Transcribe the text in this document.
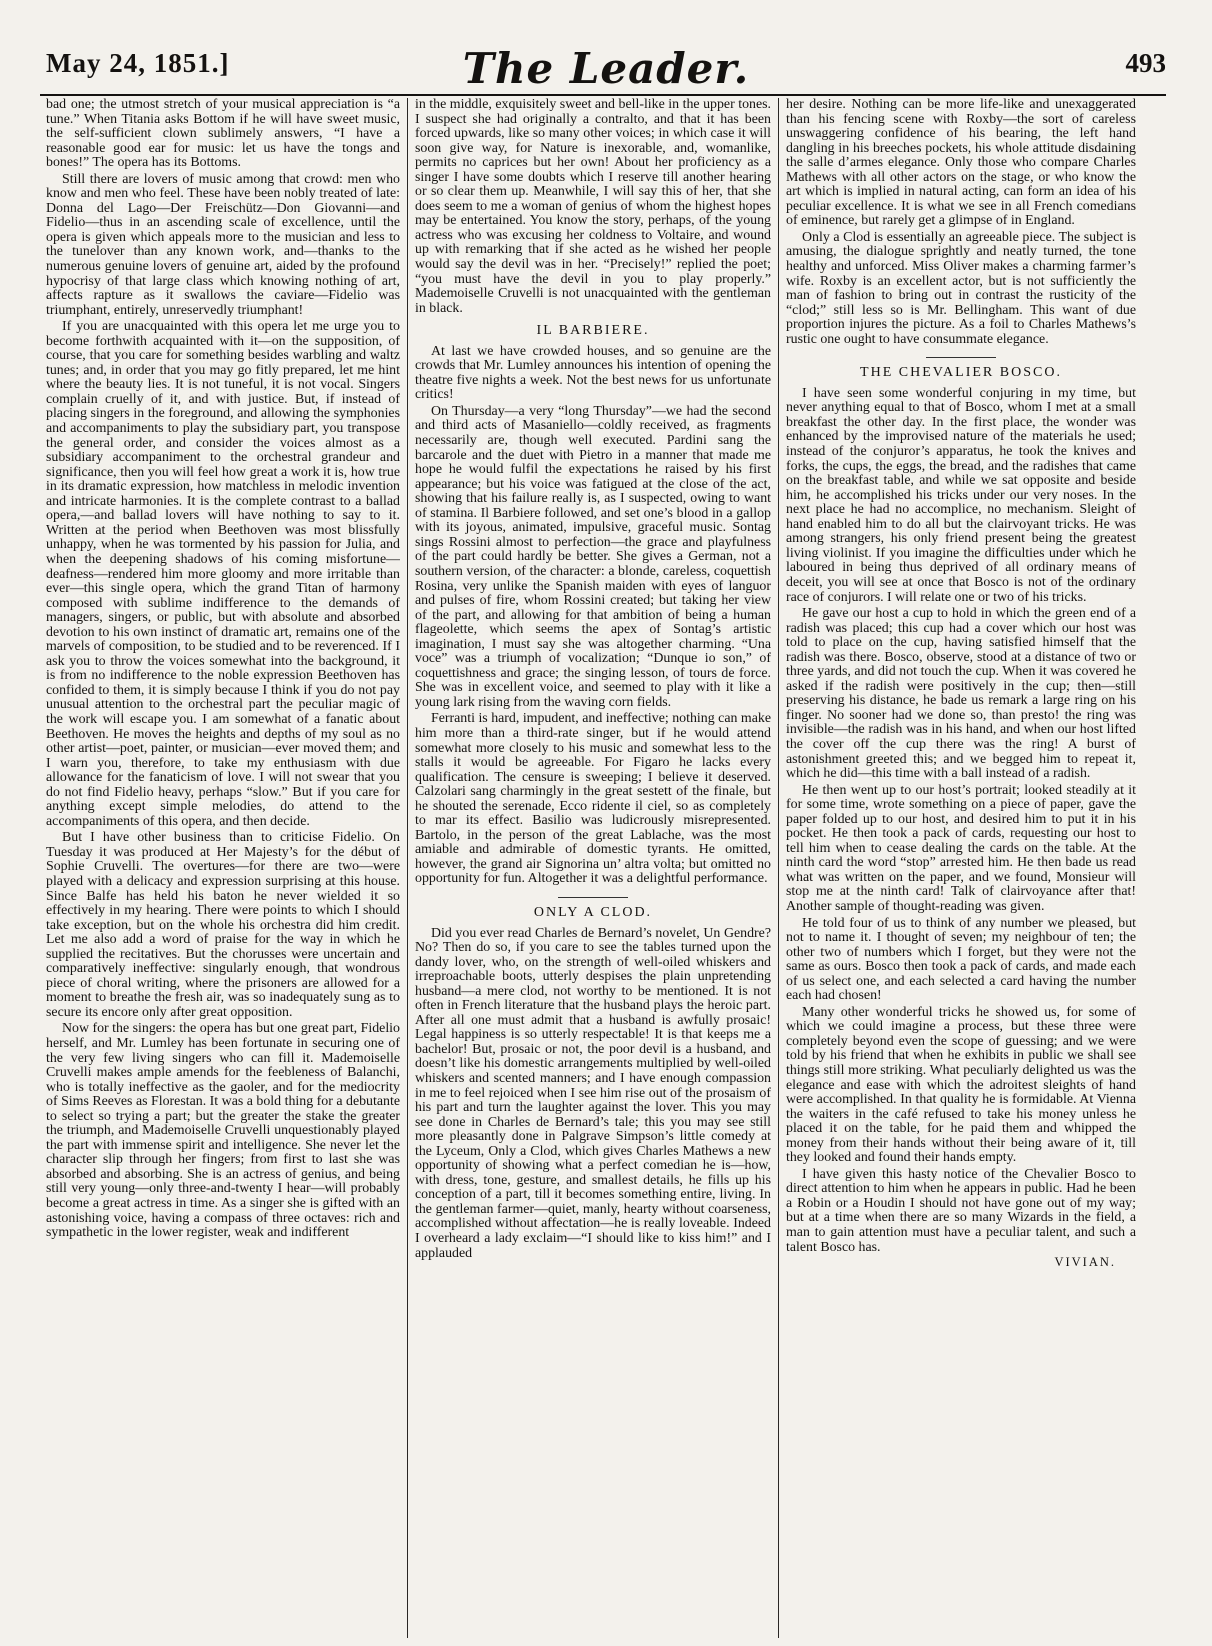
May 24, 1851.]	The Leader.	493

bad one; the utmost stretch of your musical appreciation is “a tune.” When Titania asks Bottom if he will have sweet music, the self-sufficient clown sublimely answers, “I have a reasonable good ear for music: let us have the tongs and bones!” The opera has its Bottoms.

Still there are lovers of music among that crowd: men who know and men who feel. These have been nobly treated of late: Donna del Lago—Der Freischütz—Don Giovanni—and Fidelio—thus in an ascending scale of excellence, until the opera is given which appeals more to the musician and less to the tunelover than any known work, and—thanks to the numerous genuine lovers of genuine art, aided by the profound hypocrisy of that large class which knowing nothing of art, affects rapture as it swallows the caviare—Fidelio was triumphant, entirely, unreservedly triumphant!

If you are unacquainted with this opera let me urge you to become forthwith acquainted with it—on the supposition, of course, that you care for something besides warbling and waltz tunes; and, in order that you may go fitly prepared, let me hint where the beauty lies. It is not tuneful, it is not vocal. Singers complain cruelly of it, and with justice. But, if instead of placing singers in the foreground, and allowing the symphonies and accompaniments to play the subsidiary part, you transpose the general order, and consider the voices almost as a subsidiary accompaniment to the orchestral grandeur and significance, then you will feel how great a work it is, how true in its dramatic expression, how matchless in melodic invention and intricate harmonies. It is the complete contrast to a ballad opera,—and ballad lovers will have nothing to say to it. Written at the period when Beethoven was most blissfully unhappy, when he was tormented by his passion for Julia, and when the deepening shadows of his coming misfortune—deafness—rendered him more gloomy and more irritable than ever—this single opera, which the grand Titan of harmony composed with sublime indifference to the demands of managers, singers, or public, but with absolute and absorbed devotion to his own instinct of dramatic art, remains one of the marvels of composition, to be studied and to be reverenced. If I ask you to throw the voices somewhat into the background, it is from no indifference to the noble expression Beethoven has confided to them, it is simply because I think if you do not pay unusual attention to the orchestral part the peculiar magic of the work will escape you. I am somewhat of a fanatic about Beethoven. He moves the heights and depths of my soul as no other artist—poet, painter, or musician—ever moved them; and I warn you, therefore, to take my enthusiasm with due allowance for the fanaticism of love. I will not swear that you do not find Fidelio heavy, perhaps “slow.” But if you care for anything except simple melodies, do attend to the accompaniments of this opera, and then decide.

But I have other business than to criticise Fidelio. On Tuesday it was produced at Her Majesty’s for the début of Sophie Cruvelli. The overtures—for there are two—were played with a delicacy and expression surprising at this house. Since Balfe has held his baton he never wielded it so effectively in my hearing. There were points to which I should take exception, but on the whole his orchestra did him credit. Let me also add a word of praise for the way in which he supplied the recitatives. But the chorusses were uncertain and comparatively ineffective: singularly enough, that wondrous piece of choral writing, where the prisoners are allowed for a moment to breathe the fresh air, was so inadequately sung as to secure its encore only after great opposition.

Now for the singers: the opera has but one great part, Fidelio herself, and Mr. Lumley has been fortunate in securing one of the very few living singers who can fill it. Mademoiselle Cruvelli makes ample amends for the feebleness of Balanchi, who is totally ineffective as the gaoler, and for the mediocrity of Sims Reeves as Florestan. It was a bold thing for a debutante to select so trying a part; but the greater the stake the greater the triumph, and Mademoiselle Cruvelli unquestionably played the part with immense spirit and intelligence. She never let the character slip through her fingers; from first to last she was absorbed and absorbing. She is an actress of genius, and being still very young—only three-and-twenty I hear—will probably become a great actress in time. As a singer she is gifted with an astonishing voice, having a compass of three octaves: rich and sympathetic in the lower register, weak and indifferent

in the middle, exquisitely sweet and bell-like in the upper tones. I suspect she had originally a contralto, and that it has been forced upwards, like so many other voices; in which case it will soon give way, for Nature is inexorable, and, womanlike, permits no caprices but her own! About her proficiency as a singer I have some doubts which I reserve till another hearing or so clear them up. Meanwhile, I will say this of her, that she does seem to me a woman of genius of whom the highest hopes may be entertained. You know the story, perhaps, of the young actress who was excusing her coldness to Voltaire, and wound up with remarking that if she acted as he wished her people would say the devil was in her. “Precisely!” replied the poet; “you must have the devil in you to play properly.” Mademoiselle Cruvelli is not unacquainted with the gentleman in black.

IL BARBIERE.

At last we have crowded houses, and so genuine are the crowds that Mr. Lumley announces his intention of opening the theatre five nights a week. Not the best news for us unfortunate critics!

On Thursday—a very “long Thursday”—we had the second and third acts of Masaniello—coldly received, as fragments necessarily are, though well executed. Pardini sang the barcarole and the duet with Pietro in a manner that made me hope he would fulfil the expectations he raised by his first appearance; but his voice was fatigued at the close of the act, showing that his failure really is, as I suspected, owing to want of stamina. Il Barbiere followed, and set one’s blood in a gallop with its joyous, animated, impulsive, graceful music. Sontag sings Rossini almost to perfection—the grace and playfulness of the part could hardly be better. She gives a German, not a southern version, of the character: a blonde, careless, coquettish Rosina, very unlike the Spanish maiden with eyes of languor and pulses of fire, whom Rossini created; but taking her view of the part, and allowing for that ambition of being a human flageolette, which seems the apex of Sontag’s artistic imagination, I must say she was altogether charming. “Una voce” was a triumph of vocalization; “Dunque io son,” of coquettishness and grace; the singing lesson, of tours de force. She was in excellent voice, and seemed to play with it like a young lark rising from the waving corn fields.

Ferranti is hard, impudent, and ineffective; nothing can make him more than a third-rate singer, but if he would attend somewhat more closely to his music and somewhat less to the stalls it would be agreeable. For Figaro he lacks every qualification. The censure is sweeping; I believe it deserved. Calzolari sang charmingly in the great sestett of the finale, but he shouted the serenade, Ecco ridente il ciel, so as completely to mar its effect. Basilio was ludicrously misrepresented. Bartolo, in the person of the great Lablache, was the most amiable and admirable of domestic tyrants. He omitted, however, the grand air Signorina un’ altra volta; but omitted no opportunity for fun. Altogether it was a delightful performance.

ONLY A CLOD.

Did you ever read Charles de Bernard’s novelet, Un Gendre? No? Then do so, if you care to see the tables turned upon the dandy lover, who, on the strength of well-oiled whiskers and irreproachable boots, utterly despises the plain unpretending husband—a mere clod, not worthy to be mentioned. It is not often in French literature that the husband plays the heroic part. After all one must admit that a husband is awfully prosaic! Legal happiness is so utterly respectable! It is that keeps me a bachelor! But, prosaic or not, the poor devil is a husband, and doesn’t like his domestic arrangements multiplied by well-oiled whiskers and scented manners; and I have enough compassion in me to feel rejoiced when I see him rise out of the prosaism of his part and turn the laughter against the lover. This you may see done in Charles de Bernard’s tale; this you may see still more pleasantly done in Palgrave Simpson’s little comedy at the Lyceum, Only a Clod, which gives Charles Mathews a new opportunity of showing what a perfect comedian he is—how, with dress, tone, gesture, and smallest details, he fills up his conception of a part, till it becomes something entire, living. In the gentleman farmer—quiet, manly, hearty without coarseness, accomplished without affectation—he is really loveable. Indeed I overheard a lady exclaim—“I should like to kiss him!” and I applauded

her desire. Nothing can be more life-like and unexaggerated than his fencing scene with Roxby—the sort of careless unswaggering confidence of his bearing, the left hand dangling in his breeches pockets, his whole attitude disdaining the salle d’armes elegance. Only those who compare Charles Mathews with all other actors on the stage, or who know the art which is implied in natural acting, can form an idea of his peculiar excellence. It is what we see in all French comedians of eminence, but rarely get a glimpse of in England.

Only a Clod is essentially an agreeable piece. The subject is amusing, the dialogue sprightly and neatly turned, the tone healthy and unforced. Miss Oliver makes a charming farmer’s wife. Roxby is an excellent actor, but is not sufficiently the man of fashion to bring out in contrast the rusticity of the “clod;” still less so is Mr. Bellingham. This want of due proportion injures the picture. As a foil to Charles Mathews’s rustic one ought to have consummate elegance.

THE CHEVALIER BOSCO.

I have seen some wonderful conjuring in my time, but never anything equal to that of Bosco, whom I met at a small breakfast the other day. In the first place, the wonder was enhanced by the improvised nature of the materials he used; instead of the conjuror’s apparatus, he took the knives and forks, the cups, the eggs, the bread, and the radishes that came on the breakfast table, and while we sat opposite and beside him, he accomplished his tricks under our very noses. In the next place he had no accomplice, no mechanism. Sleight of hand enabled him to do all but the clairvoyant tricks. He was among strangers, his only friend present being the greatest living violinist. If you imagine the difficulties under which he laboured in being thus deprived of all ordinary means of deceit, you will see at once that Bosco is not of the ordinary race of conjurors. I will relate one or two of his tricks.

He gave our host a cup to hold in which the green end of a radish was placed; this cup had a cover which our host was told to place on the cup, having satisfied himself that the radish was there. Bosco, observe, stood at a distance of two or three yards, and did not touch the cup. When it was covered he asked if the radish were positively in the cup; then—still preserving his distance, he bade us remark a large ring on his finger. No sooner had we done so, than presto! the ring was invisible—the radish was in his hand, and when our host lifted the cover off the cup there was the ring! A burst of astonishment greeted this; and we begged him to repeat it, which he did—this time with a ball instead of a radish.

He then went up to our host’s portrait; looked steadily at it for some time, wrote something on a piece of paper, gave the paper folded up to our host, and desired him to put it in his pocket. He then took a pack of cards, requesting our host to tell him when to cease dealing the cards on the table. At the ninth card the word “stop” arrested him. He then bade us read what was written on the paper, and we found, Monsieur will stop me at the ninth card! Talk of clairvoyance after that! Another sample of thought-reading was given.

He told four of us to think of any number we pleased, but not to name it. I thought of seven; my neighbour of ten; the other two of numbers which I forget, but they were not the same as ours. Bosco then took a pack of cards, and made each of us select one, and each selected a card having the number each had chosen!

Many other wonderful tricks he showed us, for some of which we could imagine a process, but these three were completely beyond even the scope of guessing; and we were told by his friend that when he exhibits in public we shall see things still more striking. What peculiarly delighted us was the elegance and ease with which the adroitest sleights of hand were accomplished. In that quality he is formidable. At Vienna the waiters in the café refused to take his money unless he placed it on the table, for he paid them and whipped the money from their hands without their being aware of it, till they looked and found their hands empty.

I have given this hasty notice of the Chevalier Bosco to direct attention to him when he appears in public. Had he been a Robin or a Houdin I should not have gone out of my way; but at a time when there are so many Wizards in the field, a man to gain attention must have a peculiar talent, and such a talent Bosco has.

VIVIAN.
